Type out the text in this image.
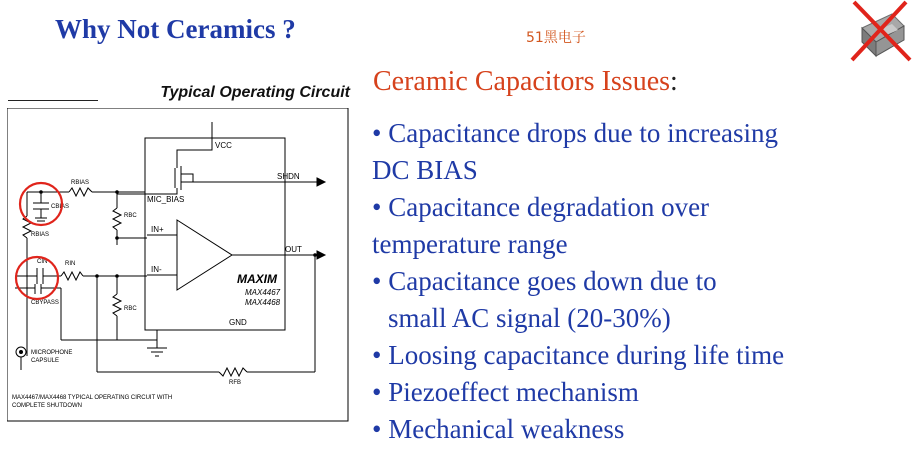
Why Not Ceramics ?	51黑电子
Typical Operating Circuit
VCC
SHDN
MIC_BIAS
RBIAS
CBIAS
RBIAS
RBC
IN+
IN-
OUT
CIN	RIN
CBYPASS
RBC
GND
RFB
MAXIM
MAX4467
MAX4468
MICROPHONE
CAPSULE
MAX4467/MAX4468 TYPICAL OPERATING CIRCUIT WITH
COMPLETE SHUTDOWN
Ceramic Capacitors Issues:
• Capacitance drops due to increasing
DC BIAS
• Capacitance degradation over
temperature range
• Capacitance goes down due to
small AC signal (20-30%)
• Loosing capacitance during life time
• Piezoeffect mechanism
• Mechanical weakness
